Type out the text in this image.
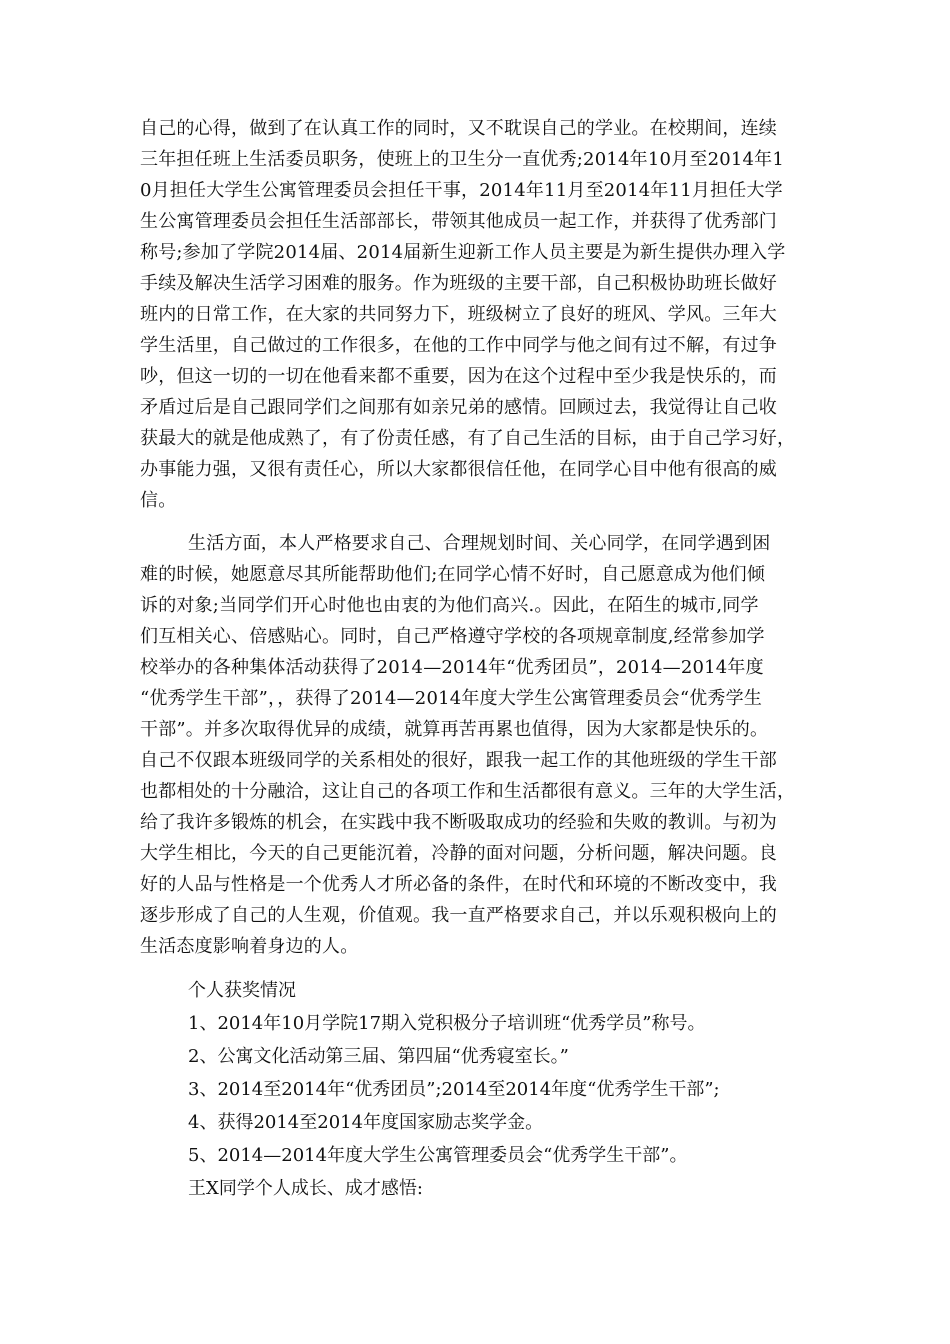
自己的心得，做到了在认真工作的同时，又不耽误自己的学业。在校期间，连续
三年担任班上生活委员职务，使班上的卫生分一直优秀;2014年10月至2014年1
0月担任大学生公寓管理委员会担任干事，2014年11月至2014年11月担任大学
生公寓管理委员会担任生活部部长，带领其他成员一起工作，并获得了优秀部门
称号;参加了学院2014届、2014届新生迎新工作人员主要是为新生提供办理入学
手续及解决生活学习困难的服务。作为班级的主要干部，自己积极协助班长做好
班内的日常工作，在大家的共同努力下，班级树立了良好的班风、学风。三年大
学生活里，自己做过的工作很多，在他的工作中同学与他之间有过不解，有过争
吵，但这一切的一切在他看来都不重要，因为在这个过程中至少我是快乐的，而
矛盾过后是自己跟同学们之间那有如亲兄弟的感情。回顾过去，我觉得让自己收
获最大的就是他成熟了，有了份责任感，有了自己生活的目标，由于自己学习好，
办事能力强，又很有责任心，所以大家都很信任他，在同学心目中他有很高的威
信。
生活方面，本人严格要求自己、合理规划时间、关心同学，在同学遇到困
难的时候，她愿意尽其所能帮助他们;在同学心情不好时，自己愿意成为他们倾
诉的对象;当同学们开心时他也由衷的为他们高兴.。因此，在陌生的城市,同学
们互相关心、倍感贴心。同时，自己严格遵守学校的各项规章制度,经常参加学
校举办的各种集体活动获得了2014—2014年“优秀团员”，2014—2014年度
“优秀学生干部”，，获得了2014—2014年度大学生公寓管理委员会“优秀学生
干部”。并多次取得优异的成绩，就算再苦再累也值得，因为大家都是快乐的。
自己不仅跟本班级同学的关系相处的很好，跟我一起工作的其他班级的学生干部
也都相处的十分融洽，这让自己的各项工作和生活都很有意义。三年的大学生活，
给了我许多锻炼的机会，在实践中我不断吸取成功的经验和失败的教训。与初为
大学生相比，今天的自己更能沉着，冷静的面对问题，分析问题，解决问题。良
好的人品与性格是一个优秀人才所必备的条件，在时代和环境的不断改变中，我
逐步形成了自己的人生观，价值观。我一直严格要求自己，并以乐观积极向上的
生活态度影响着身边的人。
个人获奖情况
1、2014年10月学院17期入党积极分子培训班“优秀学员”称号。
2、公寓文化活动第三届、第四届“优秀寝室长。”
3、2014至2014年“优秀团员”;2014至2014年度“优秀学生干部”;
4、获得2014至2014年度国家励志奖学金。
5、2014—2014年度大学生公寓管理委员会“优秀学生干部”。
王X同学个人成长、成才感悟:
